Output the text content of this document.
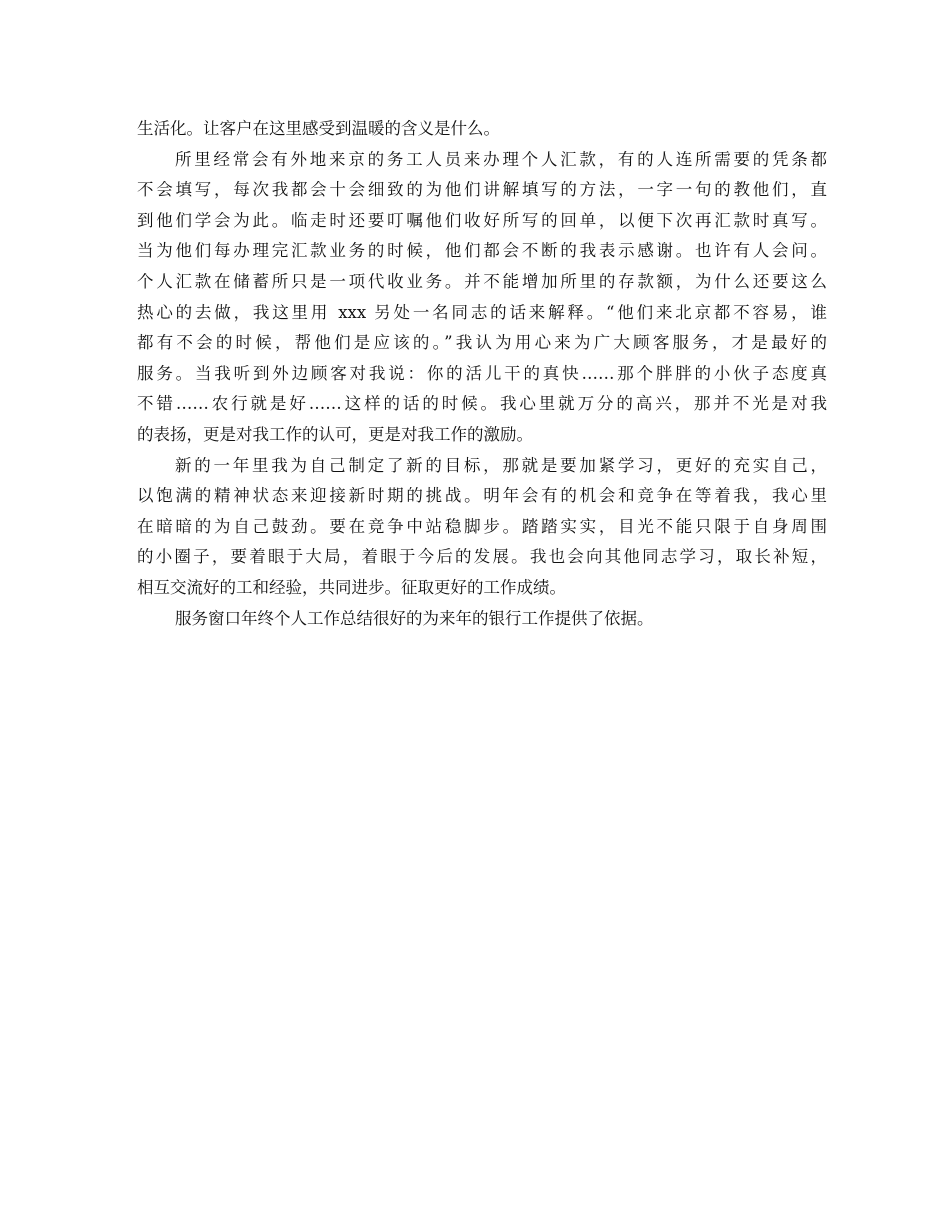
生活化。让客户在这里感受到温暖的含义是什么。
所里经常会有外地来京的务工人员来办理个人汇款，有的人连所需要的凭条都
不会填写，每次我都会十会细致的为他们讲解填写的方法，一字一句的教他们，直
到他们学会为此。临走时还要叮嘱他们收好所写的回单，以便下次再汇款时真写。
当为他们每办理完汇款业务的时候，他们都会不断的我表示感谢。也许有人会问。
个人汇款在储蓄所只是一项代收业务。并不能增加所里的存款额，为什么还要这么
热心的去做，我这里用 xxx 另处一名同志的话来解释。“他们来北京都不容易，谁
都有不会的时候，帮他们是应该的。”我认为用心来为广大顾客服务，才是最好的
服务。当我听到外边顾客对我说：你的活儿干的真快……那个胖胖的小伙子态度真
不错……农行就是好……这样的话的时候。我心里就万分的高兴，那并不光是对我
的表扬，更是对我工作的认可，更是对我工作的激励。
新的一年里我为自己制定了新的目标，那就是要加紧学习，更好的充实自己，
以饱满的精神状态来迎接新时期的挑战。明年会有的机会和竞争在等着我，我心里
在暗暗的为自己鼓劲。要在竞争中站稳脚步。踏踏实实，目光不能只限于自身周围
的小圈子，要着眼于大局，着眼于今后的发展。我也会向其他同志学习，取长补短，
相互交流好的工和经验，共同进步。征取更好的工作成绩。
服务窗口年终个人工作总结很好的为来年的银行工作提供了依据。
